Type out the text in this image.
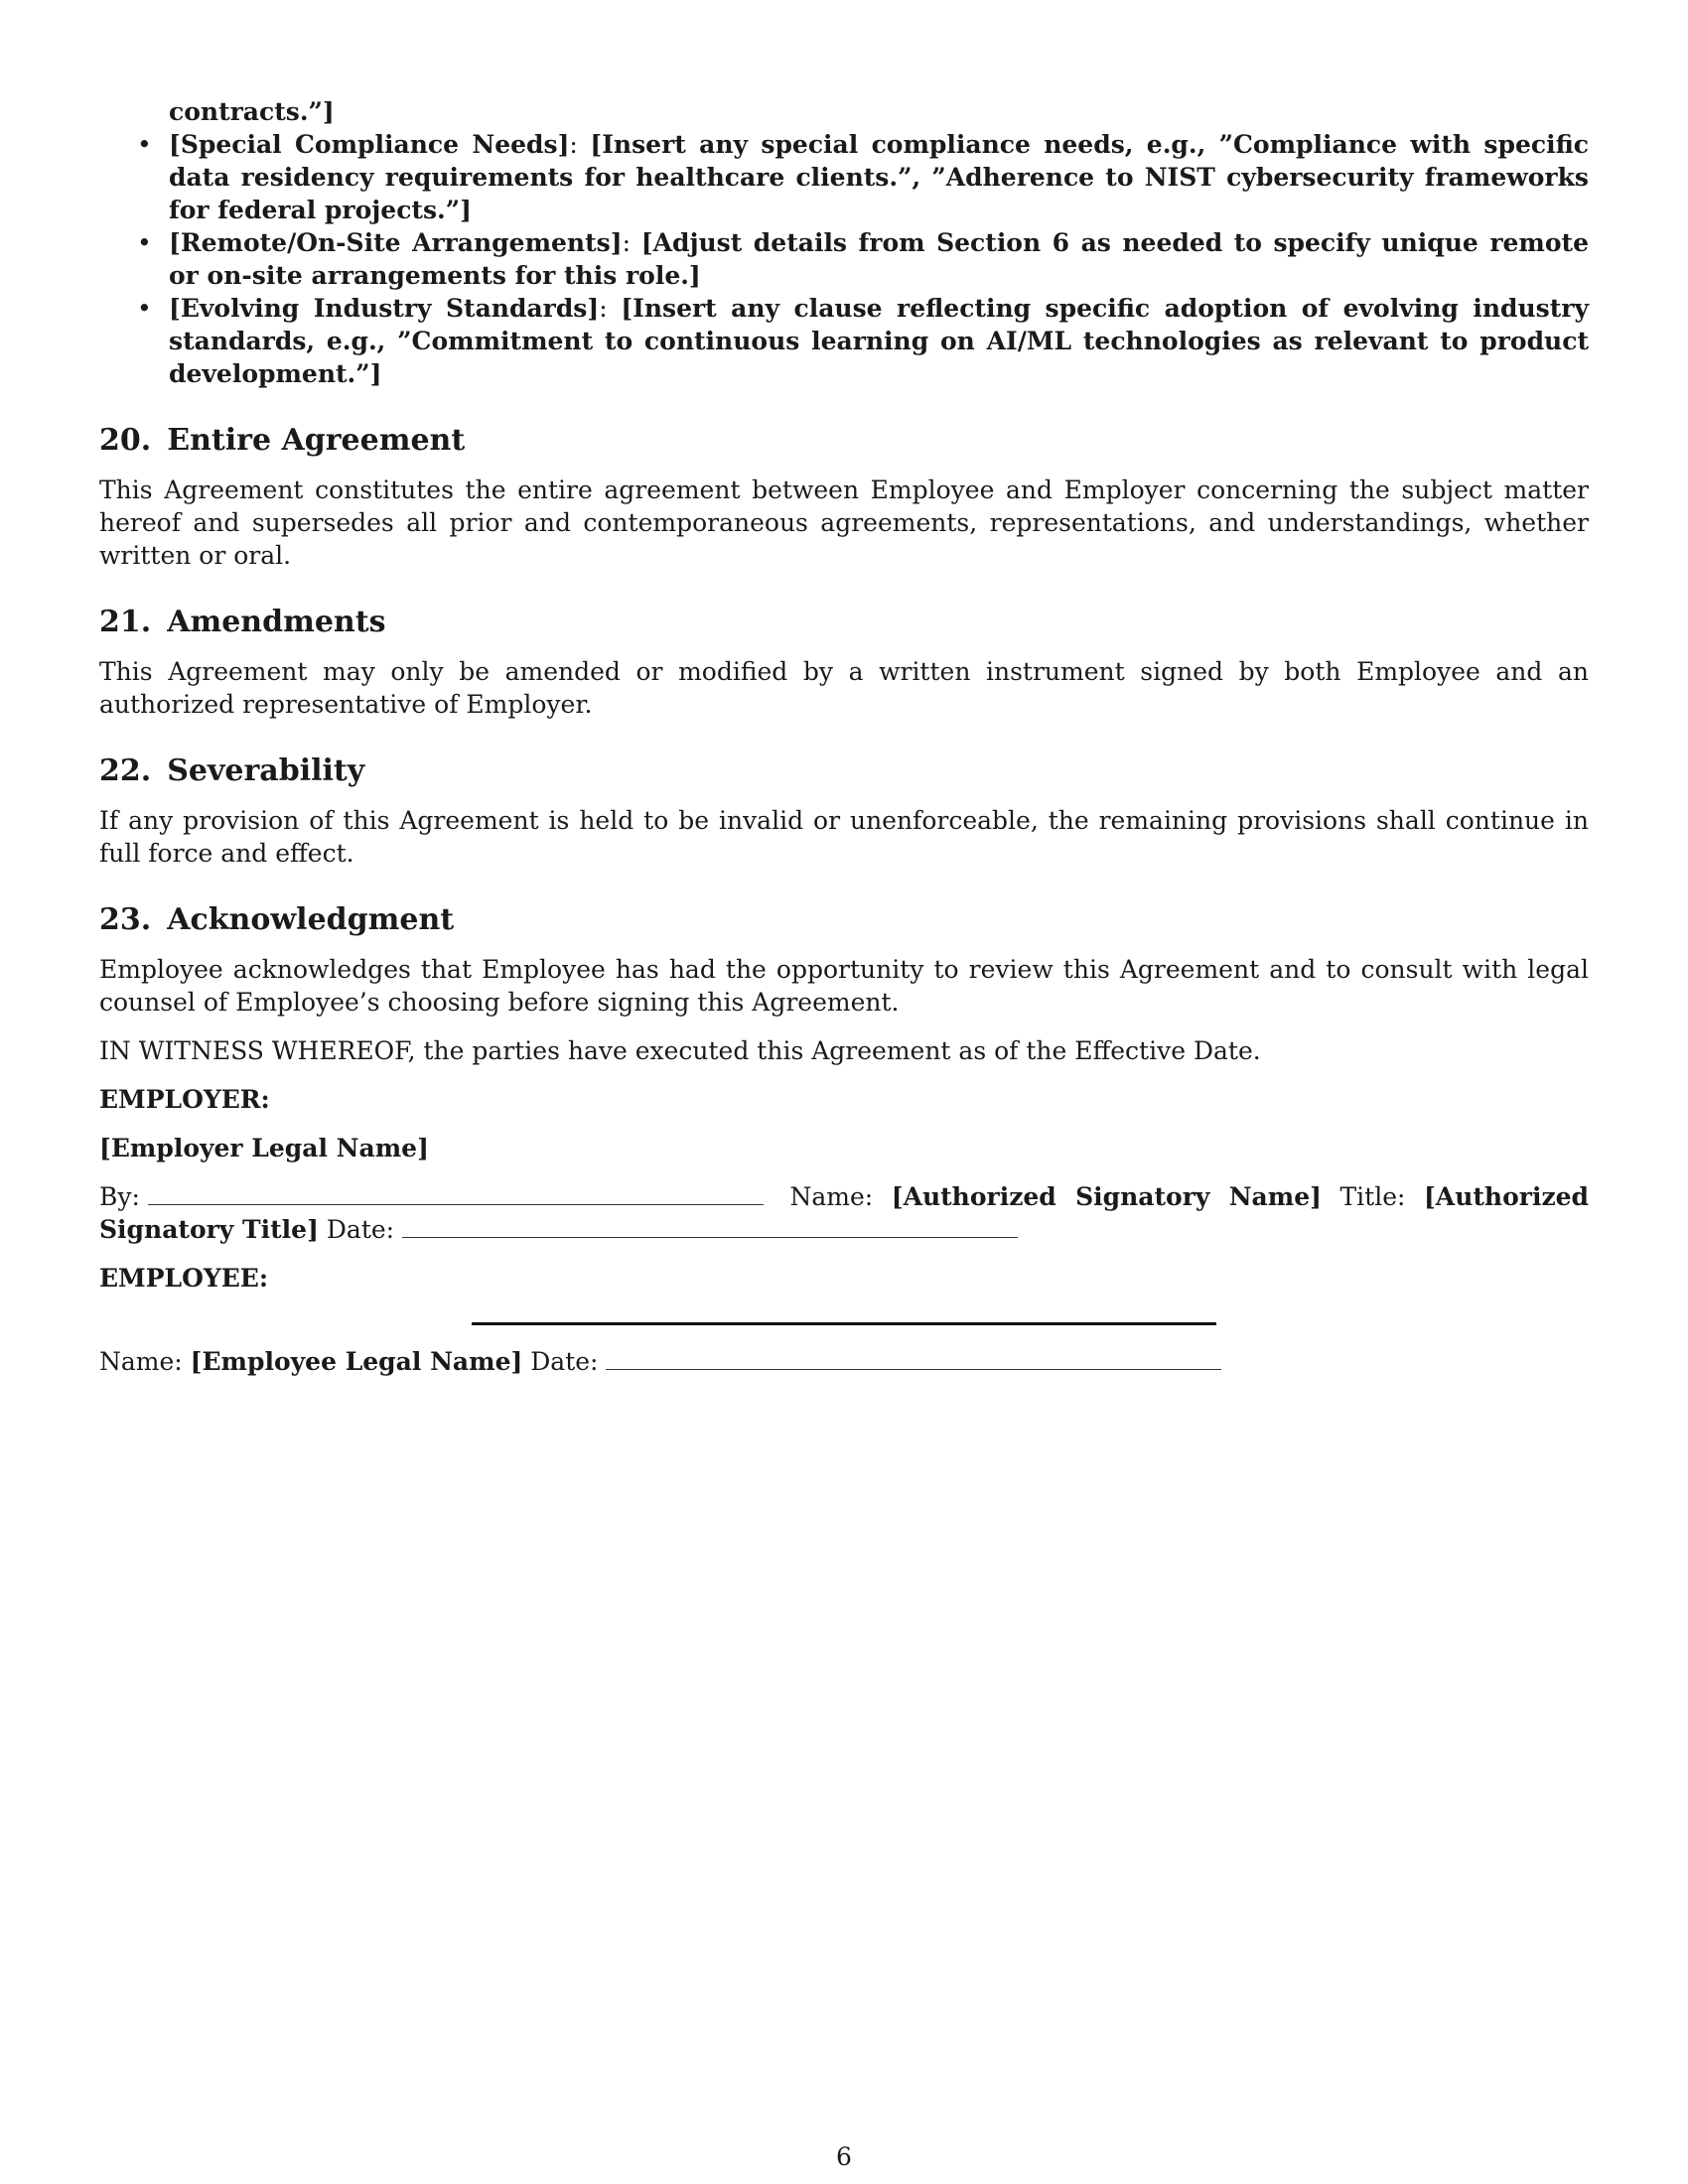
contracts.”]
• [Special Compliance Needs]: [Insert any special compliance needs, e.g., ”Compliance with specific data residency requirements for healthcare clients.”, ”Adherence to NIST cybersecurity frameworks for federal projects.”]
• [Remote/On-Site Arrangements]: [Adjust details from Section 6 as needed to specify unique remote or on-site arrangements for this role.]
• [Evolving Industry Standards]: [Insert any clause reflecting specific adoption of evolving industry standards, e.g., ”Commitment to continuous learning on AI/ML technologies as relevant to product development.”]
20. Entire Agreement

This Agreement constitutes the entire agreement between Employee and Employer concerning the subject matter hereof and supersedes all prior and contemporaneous agreements, representations, and understandings, whether written or oral.

21. Amendments

This Agreement may only be amended or modified by a written instrument signed by both Employee and an authorized representative of Employer.

22. Severability

If any provision of this Agreement is held to be invalid or unenforceable, the remaining provisions shall continue in full force and effect.

23. Acknowledgment

Employee acknowledges that Employee has had the opportunity to review this Agreement and to consult with legal counsel of Employee’s choosing before signing this Agreement.

IN WITNESS WHEREOF, the parties have executed this Agreement as of the Effective Date.

EMPLOYER:

[Employer Legal Name]

By:	Name: [Authorized Signatory Name] Title: [Authorized Signatory Title] Date:

EMPLOYEE:

Name: [Employee Legal Name] Date:

6
